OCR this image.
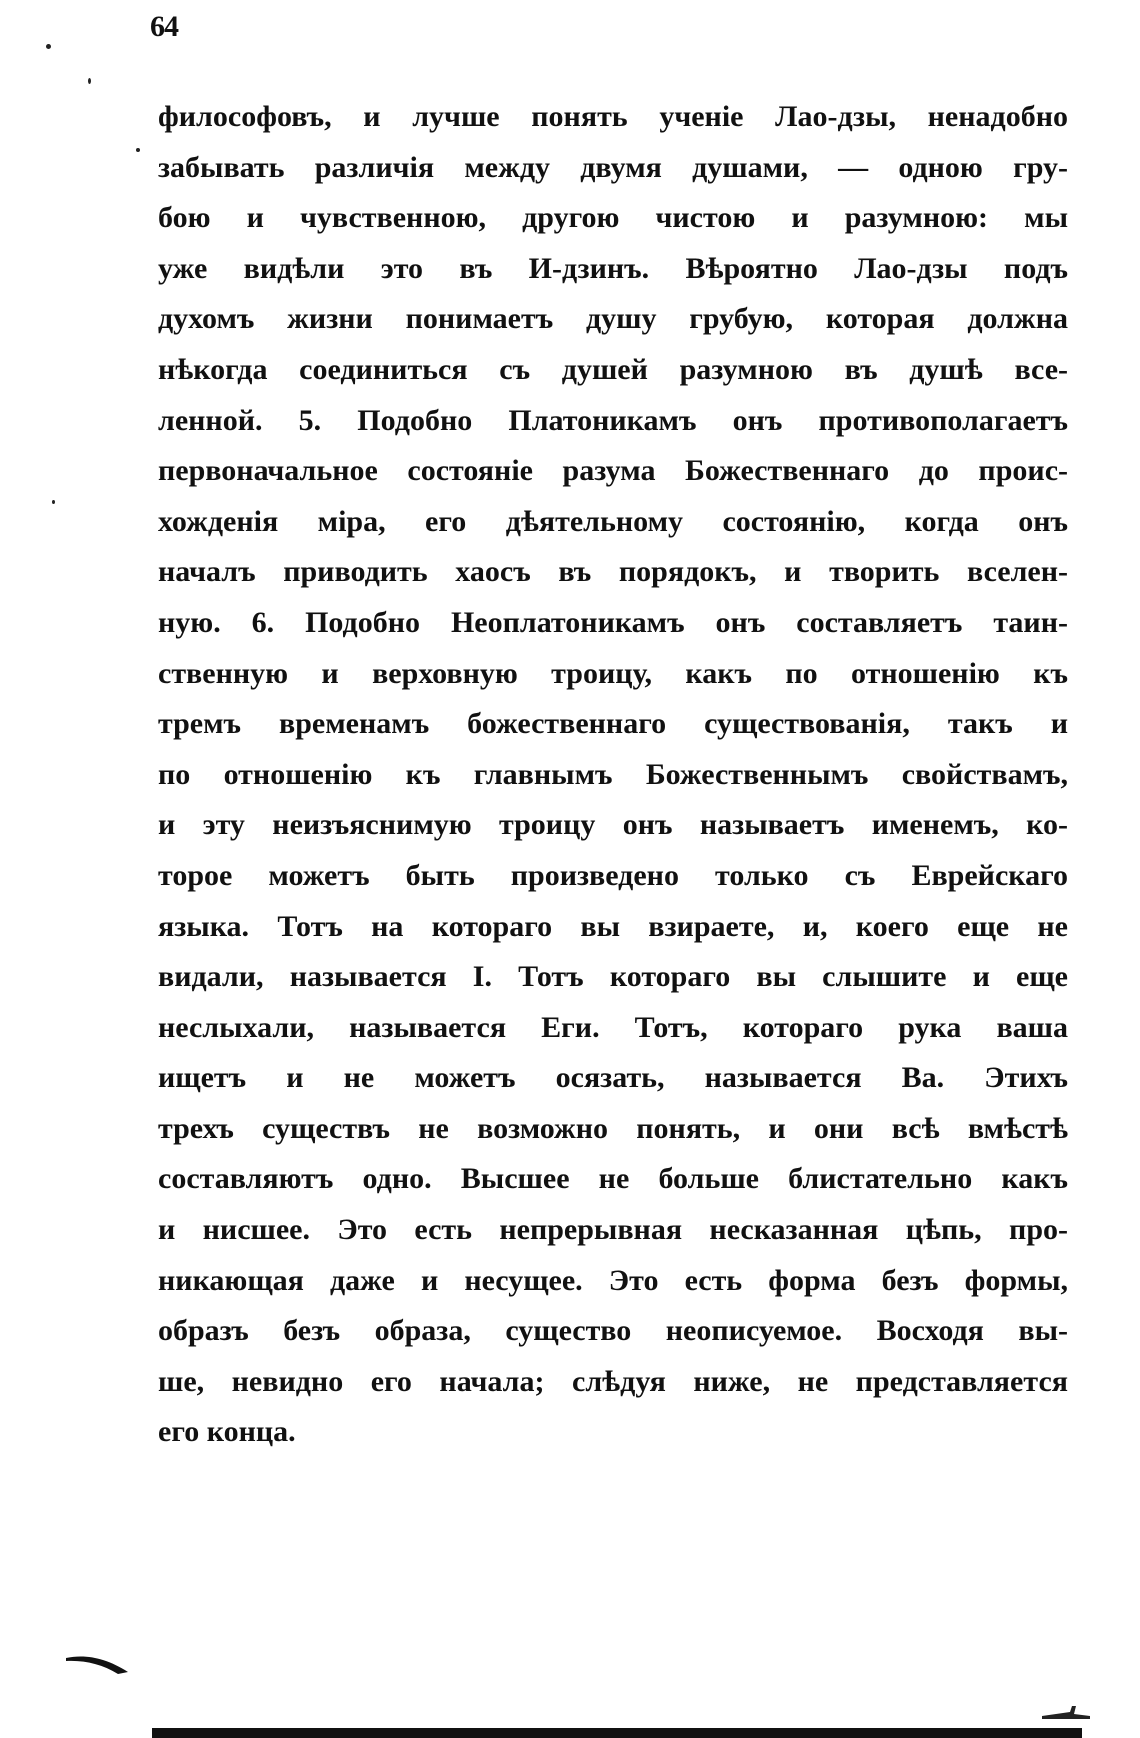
64
философовъ, и лучше понять ученіе Лао-дзы, ненадобно
забывать различія между двумя душами, — одною гру-
бою и чувственною, другою чистою и разумною: мы
уже видѣли это въ И-дзинъ. Вѣроятно Лао-дзы подъ
духомъ жизни понимаетъ душу грубую, которая должна
нѣкогда соединиться съ душей разумною въ душѣ все-
ленной. 5. Подобно Платоникамъ онъ противополагаетъ
первоначальное состояніе разума Божественнаго до проис-
хожденія міра, его дѣятельному состоянію, когда онъ
началъ приводить хаосъ въ порядокъ, и творить вселен-
ную. 6. Подобно Неоплатоникамъ онъ составляетъ таин-
ственную и верховную троицу, какъ по отношенію къ
тремъ временамъ божественнаго существованія, такъ и
по отношенію къ главнымъ Божественнымъ свойствамъ,
и эту неизъяснимую троицу онъ называетъ именемъ, ко-
торое можетъ быть произведено только съ Еврейскаго
языка. Тотъ на котораго вы взираете, и, коего еще не
видали, называется I. Тотъ котораго вы слышите и еще
неслыхали, называется Еги. Тотъ, котораго рука ваша
ищетъ и не можетъ осязать, называется Ва. Этихъ
трехъ существъ не возможно понять, и они всѣ вмѣстѣ
составляютъ одно. Высшее не больше блистательно какъ
и нисшее. Это есть непрерывная несказанная цѣпь, про-
никающая даже и несущее. Это есть форма безъ формы,
образъ безъ образа, существо неописуемое. Восходя вы-
ше, невидно его начала; слѣдуя ниже, не представляется
его конца.
